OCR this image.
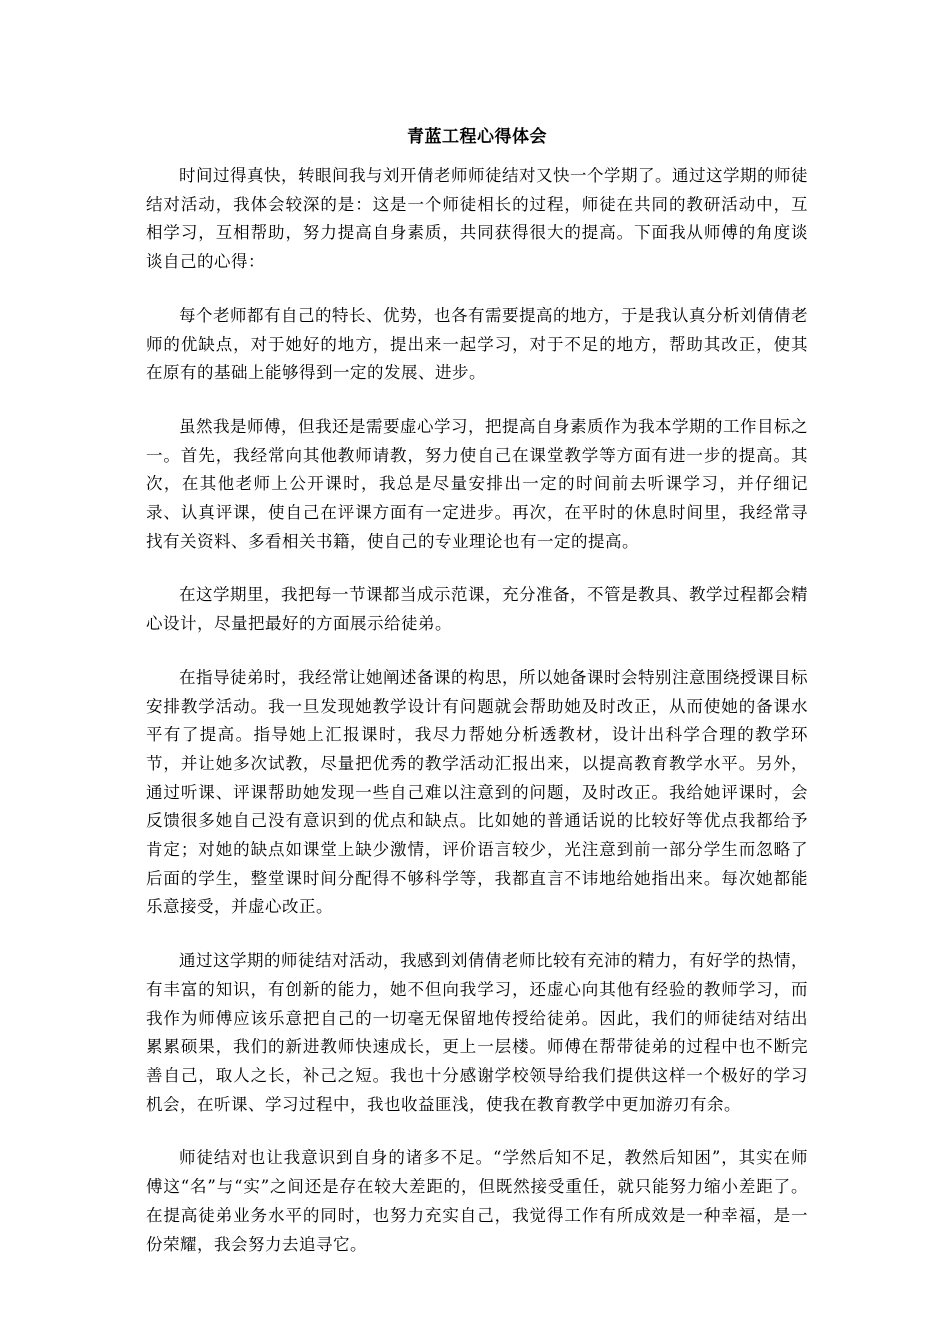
青蓝工程心得体会

时间过得真快，转眼间我与刘开倩老师师徒结对又快一个学期了。通过这学期的师徒结对活动，我体会较深的是：这是一个师徒相长的过程，师徒在共同的教研活动中，互相学习，互相帮助，努力提高自身素质，共同获得很大的提高。下面我从师傅的角度谈谈自己的心得：

每个老师都有自己的特长、优势，也各有需要提高的地方，于是我认真分析刘倩倩老师的优缺点，对于她好的地方，提出来一起学习，对于不足的地方，帮助其改正，使其在原有的基础上能够得到一定的发展、进步。

虽然我是师傅，但我还是需要虚心学习，把提高自身素质作为我本学期的工作目标之一。首先，我经常向其他教师请教，努力使自己在课堂教学等方面有进一步的提高。其次，在其他老师上公开课时，我总是尽量安排出一定的时间前去听课学习，并仔细记录、认真评课，使自己在评课方面有一定进步。再次，在平时的休息时间里，我经常寻找有关资料、多看相关书籍，使自己的专业理论也有一定的提高。

在这学期里，我把每一节课都当成示范课，充分准备，不管是教具、教学过程都会精心设计，尽量把最好的方面展示给徒弟。

在指导徒弟时，我经常让她阐述备课的构思，所以她备课时会特别注意围绕授课目标安排教学活动。我一旦发现她教学设计有问题就会帮助她及时改正，从而使她的备课水平有了提高。指导她上汇报课时，我尽力帮她分析透教材，设计出科学合理的教学环节，并让她多次试教，尽量把优秀的教学活动汇报出来，以提高教育教学水平。另外，通过听课、评课帮助她发现一些自己难以注意到的问题，及时改正。我给她评课时，会反馈很多她自己没有意识到的优点和缺点。比如她的普通话说的比较好等优点我都给予肯定；对她的缺点如课堂上缺少激情，评价语言较少，光注意到前一部分学生而忽略了后面的学生，整堂课时间分配得不够科学等，我都直言不讳地给她指出来。每次她都能乐意接受，并虚心改正。

通过这学期的师徒结对活动，我感到刘倩倩老师比较有充沛的精力，有好学的热情，有丰富的知识，有创新的能力，她不但向我学习，还虚心向其他有经验的教师学习，而我作为师傅应该乐意把自己的一切毫无保留地传授给徒弟。因此，我们的师徒结对结出累累硕果，我们的新进教师快速成长，更上一层楼。师傅在帮带徒弟的过程中也不断完善自己，取人之长，补己之短。我也十分感谢学校领导给我们提供这样一个极好的学习机会，在听课、学习过程中，我也收益匪浅，使我在教育教学中更加游刃有余。

师徒结对也让我意识到自身的诸多不足。“学然后知不足，教然后知困”，其实在师傅这“名”与“实”之间还是存在较大差距的，但既然接受重任，就只能努力缩小差距了。在提高徒弟业务水平的同时，也努力充实自己，我觉得工作有所成效是一种幸福，是一份荣耀，我会努力去追寻它。
